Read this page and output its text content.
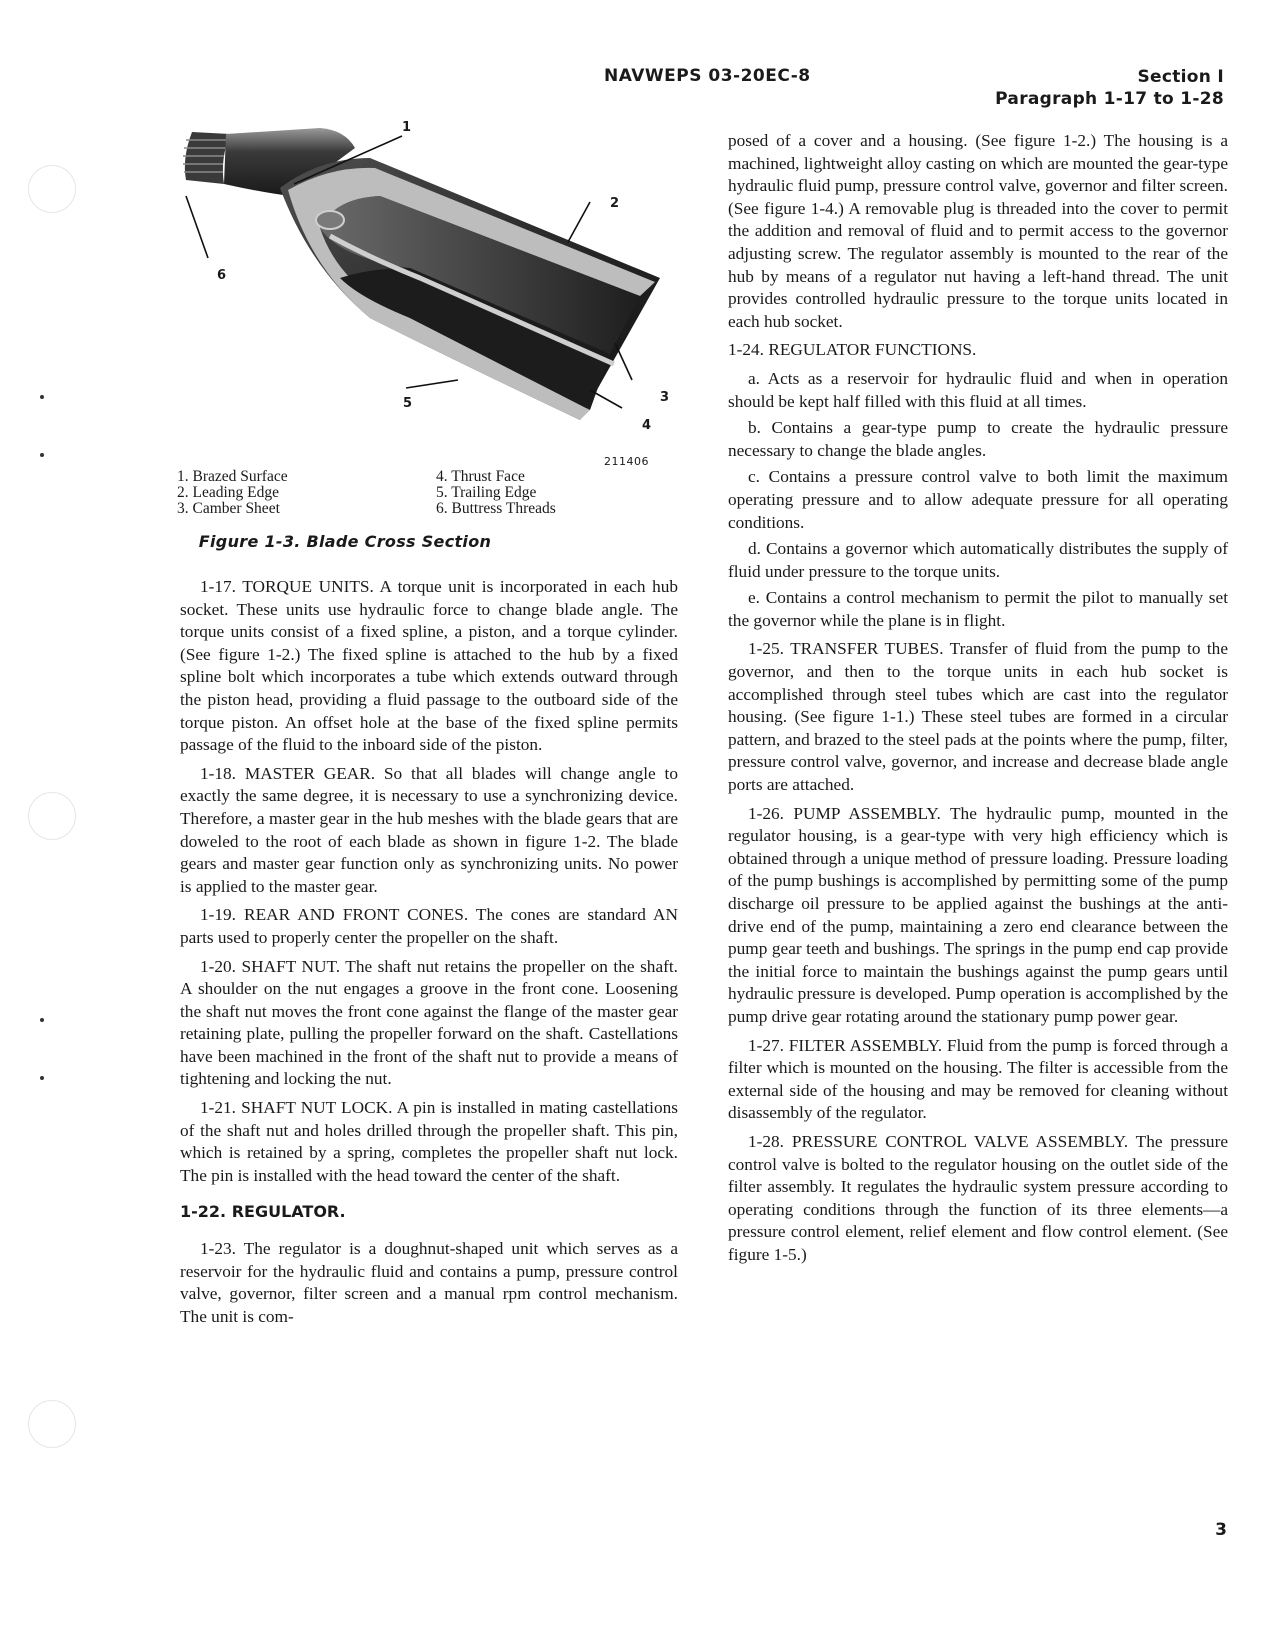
NAVWEPS 03-20EC-8	Section I
Paragraph 1-17 to 1-28
1
2
3
4
5
6
211406
1. Brazed Surface
2. Leading Edge
3. Camber Sheet
4. Thrust Face
5. Trailing Edge
6. Buttress Threads
Figure 1-3. Blade Cross Section

1-17. TORQUE UNITS. A torque unit is incorporated in each hub socket. These units use hydraulic force to change blade angle. The torque units consist of a fixed spline, a piston, and a torque cylinder. (See figure 1-2.) The fixed spline is attached to the hub by a fixed spline bolt which incorporates a tube which extends outward through the piston head, providing a fluid passage to the outboard side of the torque piston. An offset hole at the base of the fixed spline permits passage of the fluid to the inboard side of the piston.

1-18. MASTER GEAR. So that all blades will change angle to exactly the same degree, it is necessary to use a synchronizing device. Therefore, a master gear in the hub meshes with the blade gears that are doweled to the root of each blade as shown in figure 1-2. The blade gears and master gear function only as synchronizing units. No power is applied to the master gear.

1-19. REAR AND FRONT CONES. The cones are standard AN parts used to properly center the propeller on the shaft.

1-20. SHAFT NUT. The shaft nut retains the propeller on the shaft. A shoulder on the nut engages a groove in the front cone. Loosening the shaft nut moves the front cone against the flange of the master gear retaining plate, pulling the propeller forward on the shaft. Castellations have been machined in the front of the shaft nut to provide a means of tightening and locking the nut.

1-21. SHAFT NUT LOCK. A pin is installed in mating castellations of the shaft nut and holes drilled through the propeller shaft. This pin, which is retained by a spring, completes the propeller shaft nut lock. The pin is installed with the head toward the center of the shaft.

1-22. REGULATOR.

1-23. The regulator is a doughnut-shaped unit which serves as a reservoir for the hydraulic fluid and contains a pump, pressure control valve, governor, filter screen and a manual rpm control mechanism. The unit is com-

posed of a cover and a housing. (See figure 1-2.) The housing is a machined, lightweight alloy casting on which are mounted the gear-type hydraulic fluid pump, pressure control valve, governor and filter screen. (See figure 1-4.) A removable plug is threaded into the cover to permit the addition and removal of fluid and to permit access to the governor adjusting screw. The regulator assembly is mounted to the rear of the hub by means of a regulator nut having a left-hand thread. The unit provides controlled hydraulic pressure to the torque units located in each hub socket.

1-24. REGULATOR FUNCTIONS.

a. Acts as a reservoir for hydraulic fluid and when in operation should be kept half filled with this fluid at all times.

b. Contains a gear-type pump to create the hydraulic pressure necessary to change the blade angles.

c. Contains a pressure control valve to both limit the maximum operating pressure and to allow adequate pressure for all operating conditions.

d. Contains a governor which automatically distributes the supply of fluid under pressure to the torque units.

e. Contains a control mechanism to permit the pilot to manually set the governor while the plane is in flight.

1-25. TRANSFER TUBES. Transfer of fluid from the pump to the governor, and then to the torque units in each hub socket is accomplished through steel tubes which are cast into the regulator housing. (See figure 1-1.) These steel tubes are formed in a circular pattern, and brazed to the steel pads at the points where the pump, filter, pressure control valve, governor, and increase and decrease blade angle ports are attached.

1-26. PUMP ASSEMBLY. The hydraulic pump, mounted in the regulator housing, is a gear-type with very high efficiency which is obtained through a unique method of pressure loading. Pressure loading of the pump bushings is accomplished by permitting some of the pump discharge oil pressure to be applied against the bushings at the anti-drive end of the pump, maintaining a zero end clearance between the pump gear teeth and bushings. The springs in the pump end cap provide the initial force to maintain the bushings against the pump gears until hydraulic pressure is developed. Pump operation is accomplished by the pump drive gear rotating around the stationary pump power gear.

1-27. FILTER ASSEMBLY. Fluid from the pump is forced through a filter which is mounted on the housing. The filter is accessible from the external side of the housing and may be removed for cleaning without disassembly of the regulator.

1-28. PRESSURE CONTROL VALVE ASSEMBLY. The pressure control valve is bolted to the regulator housing on the outlet side of the filter assembly. It regulates the hydraulic system pressure according to operating conditions through the function of its three elements—a pressure control element, relief element and flow control element. (See figure 1-5.)

3
